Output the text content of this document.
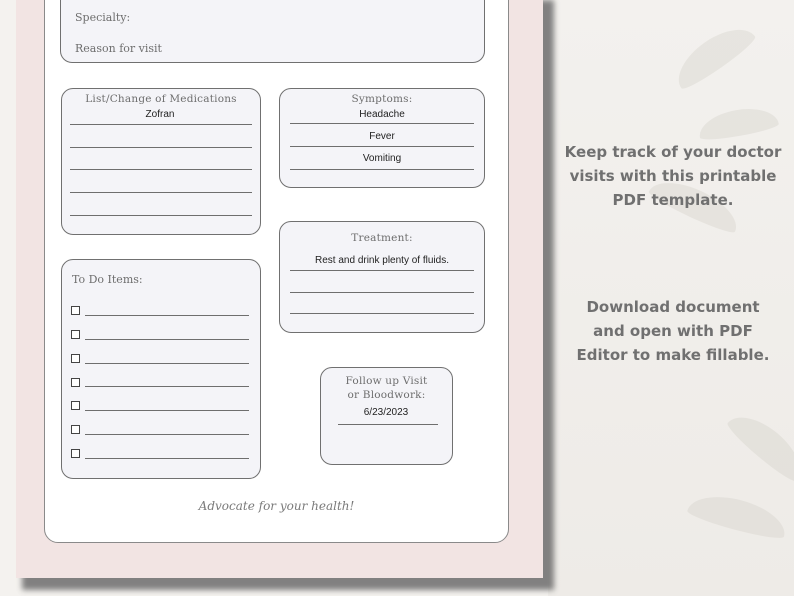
Specialty:
Reason for visit
List/Change of Medications
Zofran
Symptoms:
Headache
Fever
Vomiting
Treatment:
Rest and drink plenty of fluids.
To Do Items:
Follow up Visit
or Bloodwork:
6/23/2023
Advocate for your health!
Keep track of your doctor
visits with this printable
PDF template.
Download document
and open with PDF
Editor to make fillable.
